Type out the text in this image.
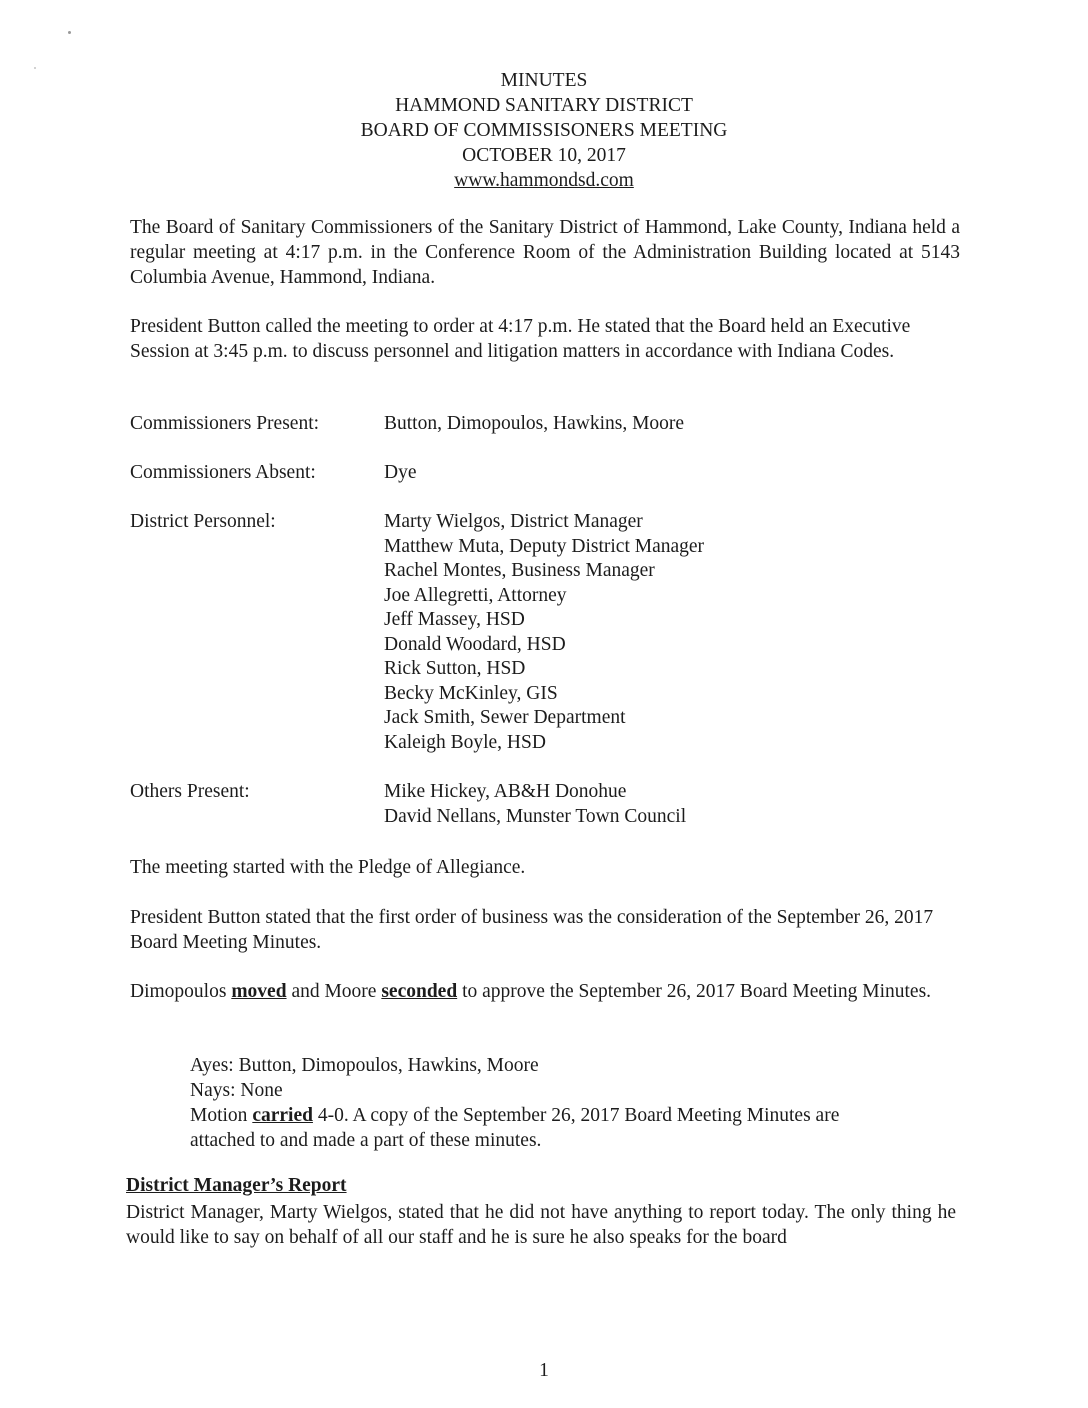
MINUTES
HAMMOND SANITARY DISTRICT
BOARD OF COMMISSISONERS MEETING
OCTOBER 10, 2017
www.hammondsd.com
The Board of Sanitary Commissioners of the Sanitary District of Hammond, Lake County, Indiana held a regular meeting at 4:17 p.m. in the Conference Room of the Administration Building located at 5143 Columbia Avenue, Hammond, Indiana.
President Button called the meeting to order at 4:17 p.m. He stated that the Board held an Executive Session at 3:45 p.m. to discuss personnel and litigation matters in accordance with Indiana Codes.
Commissioners Present:	Button, Dimopoulos, Hawkins, Moore
Commissioners Absent:	Dye
District Personnel:	Marty Wielgos, District Manager
Matthew Muta, Deputy District Manager
Rachel Montes, Business Manager
Joe Allegretti, Attorney
Jeff Massey, HSD
Donald Woodard, HSD
Rick Sutton, HSD
Becky McKinley, GIS
Jack Smith, Sewer Department
Kaleigh Boyle, HSD
Others Present:	Mike Hickey, AB&H Donohue
David Nellans, Munster Town Council
The meeting started with the Pledge of Allegiance.
President Button stated that the first order of business was the consideration of the September 26, 2017 Board Meeting Minutes.
Dimopoulos moved and Moore seconded to approve the September 26, 2017 Board Meeting Minutes.
Ayes: Button, Dimopoulos, Hawkins, Moore
Nays: None
Motion carried 4-0. A copy of the September 26, 2017 Board Meeting Minutes are
attached to and made a part of these minutes.
District Manager’s Report
District Manager, Marty Wielgos, stated that he did not have anything to report today. The only thing he would like to say on behalf of all our staff and he is sure he also speaks for the board
1
